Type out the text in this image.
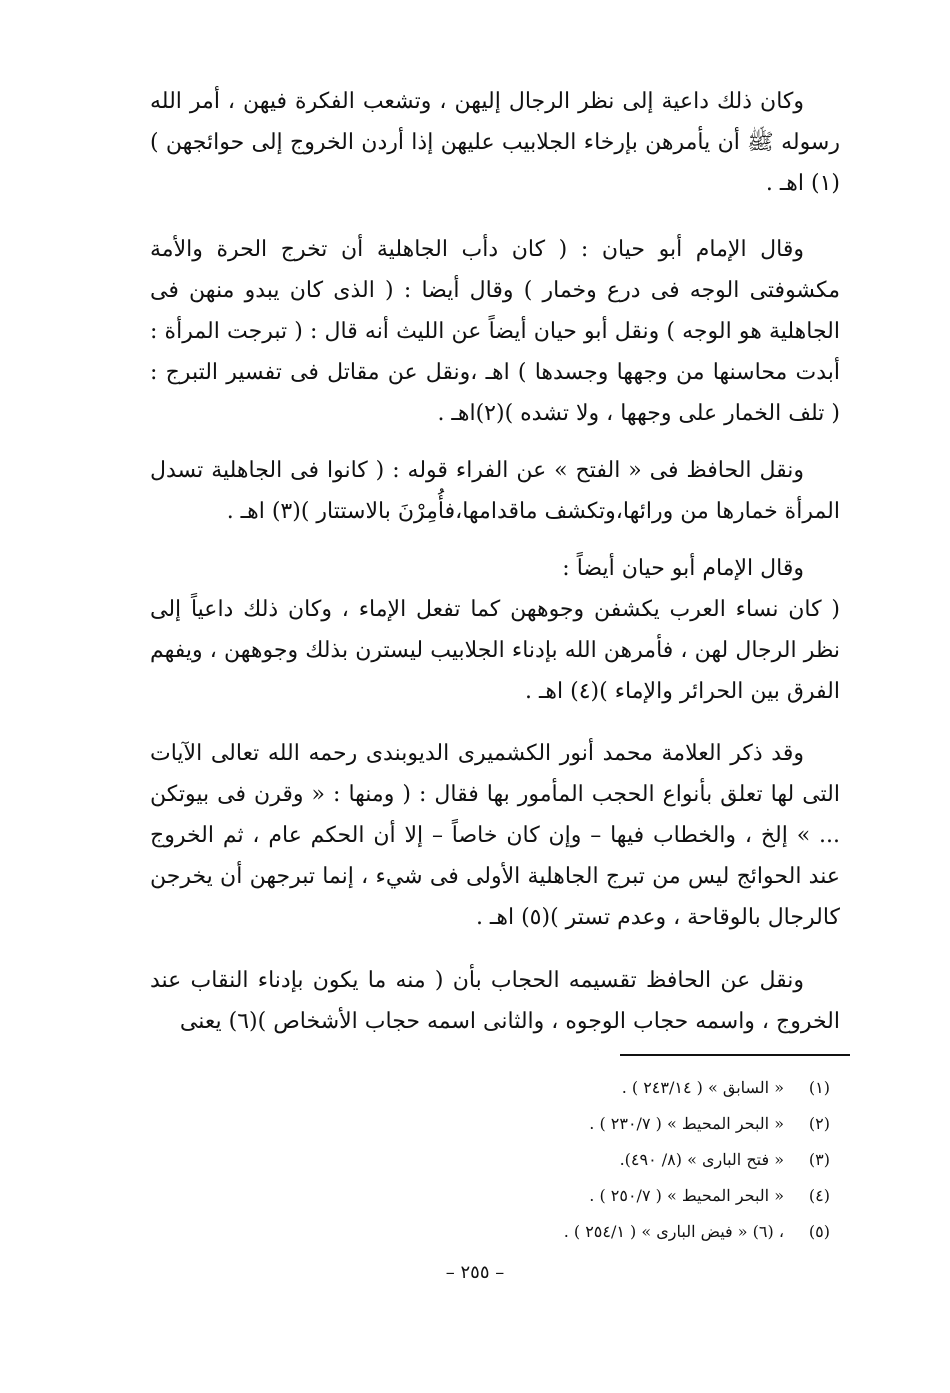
وكان ذلك داعية إلى نظر الرجال إليهن ، وتشعب الفكرة فيهن ، أمر الله رسوله ﷺ أن يأمرهن بإرخاء الجلابيب عليهن إذا أردن الخروج إلى حوائجهن )(١) اهـ .

وقال الإمام أبو حيان : ( كان دأب الجاهلية أن تخرج الحرة والأمة مكشوفتى الوجه فى درع وخمار ) وقال أيضا : ( الذى كان يبدو منهن فى الجاهلية هو الوجه ) ونقل أبو حيان أيضاً عن الليث أنه قال : ( تبرجت المرأة : أبدت محاسنها من وجهها وجسدها ) اهـ ،ونقل عن مقاتل فى تفسير التبرج : ( تلف الخمار على وجهها ، ولا تشده )(٢)اهـ .

ونقل الحافظ فى « الفتح » عن الفراء قوله : ( كانوا فى الجاهلية تسدل المرأة خمارها من ورائها،وتكشف ماقدامها،فأُمِرْنَ بالاستتار )(٣) اهـ .

وقال الإمام أبو حيان أيضاً :

( كان نساء العرب يكشفن وجوههن كما تفعل الإماء ، وكان ذلك داعياً إلى نظر الرجال لهن ، فأمرهن الله بإدناء الجلابيب ليسترن بذلك وجوههن ، ويفهم الفرق بين الحرائر والإماء )(٤) اهـ .

وقد ذكر العلامة محمد أنور الكشميرى الديوبندى رحمه الله تعالى الآيات التى لها تعلق بأنواع الحجب المأمور بها فقال : ( ومنها : « وقرن فى بيوتكن ... » إلخ ، والخطاب فيها – وإن كان خاصاً – إلا أن الحكم عام ، ثم الخروج عند الحوائج ليس من تبرج الجاهلية الأولى فى شيء ، إنما تبرجهن أن يخرجن كالرجال بالوقاحة ، وعدم تستر )(٥) اهـ .

ونقل عن الحافظ تقسيمه الحجاب بأن ( منه ما يكون بإدناء النقاب عند الخروج ، واسمه حجاب الوجوه ، والثانى اسمه حجاب الأشخاص )(٦) يعنى

(١)
« السابق » ( ٢٤٣/١٤ ) .
(٢)
« البحر المحيط » ( ٢٣٠/٧ ) .
(٣)
« فتح البارى » (٨/ ٤٩٠).
(٤)
« البحر المحيط » ( ٢٥٠/٧ ) .
(٥)
، (٦) « فيض البارى » ( ٢٥٤/١ ) .
– ٢٥٥ –
